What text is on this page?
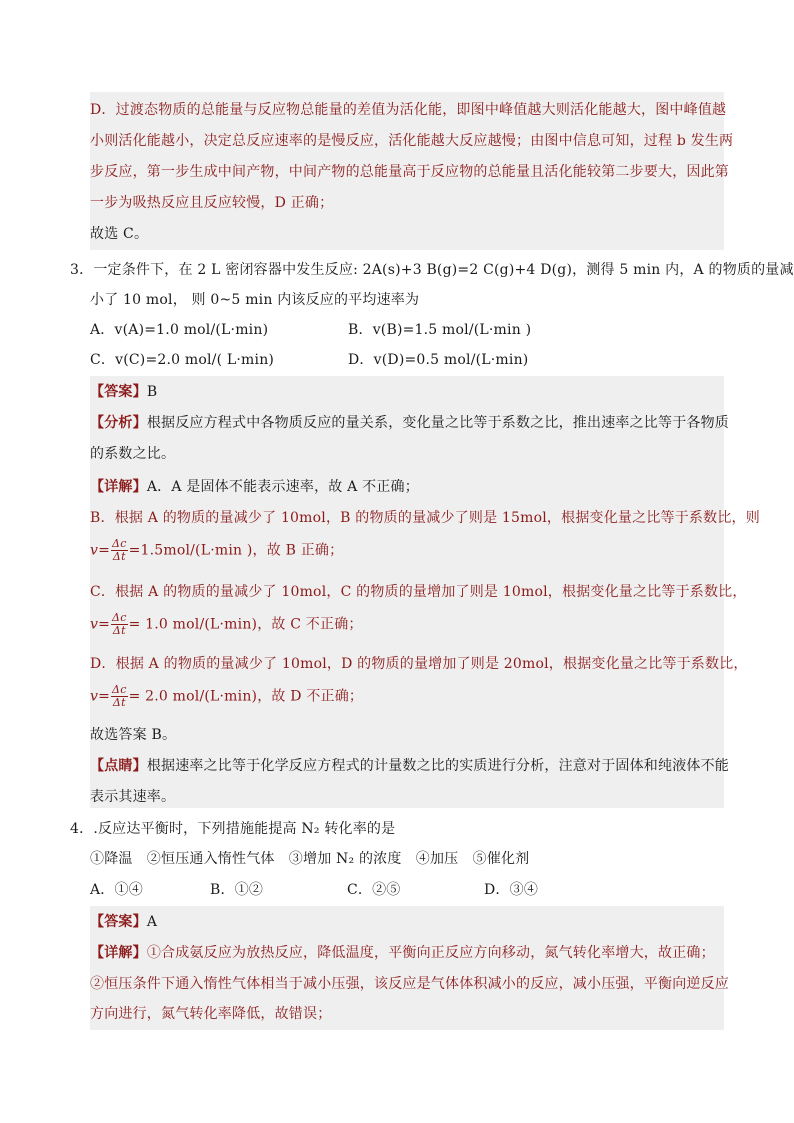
D．过渡态物质的总能量与反应物总能量的差值为活化能，即图中峰值越大则活化能越大，图中峰值越
小则活化能越小，决定总反应速率的是慢反应，活化能越大反应越慢；由图中信息可知，过程 b 发生两
步反应，第一步生成中间产物，中间产物的总能量高于反应物的总能量且活化能较第二步要大，因此第
一步为吸热反应且反应较慢，D 正确；
故选 C。
3．一定条件下，在 2 L 密闭容器中发生反应: 2A(s)+3 B(g)=2 C(g)+4 D(g)，测得 5 min 内，A 的物质的量减
小了 10 mol， 则 0~5 min 内该反应的平均速率为
A．v(A)=1.0 mol/(L·min)	B．v(B)=1.5 mol/(L·min )
C．v(C)=2.0 mol/( L·min)	D．v(D)=0.5 mol/(L·min)
【答案】B
【分析】根据反应方程式中各物质反应的量关系，变化量之比等于系数之比，推出速率之比等于各物质
的系数之比。
【详解】A．A 是固体不能表示速率，故 A 不正确；
B．根据 A 的物质的量减少了 10mol，B 的物质的量减少了则是 15mol，根据变化量之比等于系数比，则
$v= \frac{\Delta c}{\Delta t} =1.5mol/(L\cdot\min$ )，故 B 正确；
C．根据 A 的物质的量减少了 10mol，C 的物质的量增加了则是 10mol，根据变化量之比等于系数比，
$v= \frac{\Delta c}{\Delta t} = 1.0$ mol/(L·min)，故 C 不正确；
D．根据 A 的物质的量减少了 10mol，D 的物质的量增加了则是 20mol，根据变化量之比等于系数比，
$v= \frac{\Delta c}{\Delta t} = 2.0$ mol/(L·min)，故 D 不正确；
故选答案 B。
【点睛】根据速率之比等于化学反应方程式的计量数之比的实质进行分析，注意对于固体和纯液体不能
表示其速率。
4．.反应达平衡时，下列措施能提高 N₂ 转化率的是
①降温　②恒压通入惰性气体　③增加 N₂ 的浓度　④加压　⑤催化剂
A．①④	B．①②	C．②⑤	D．③④
【答案】A
【详解】①合成氨反应为放热反应，降低温度，平衡向正反应方向移动，氮气转化率增大，故正确；
②恒压条件下通入惰性气体相当于减小压强，该反应是气体体积减小的反应，减小压强，平衡向逆反应
方向进行，氮气转化率降低，故错误；
